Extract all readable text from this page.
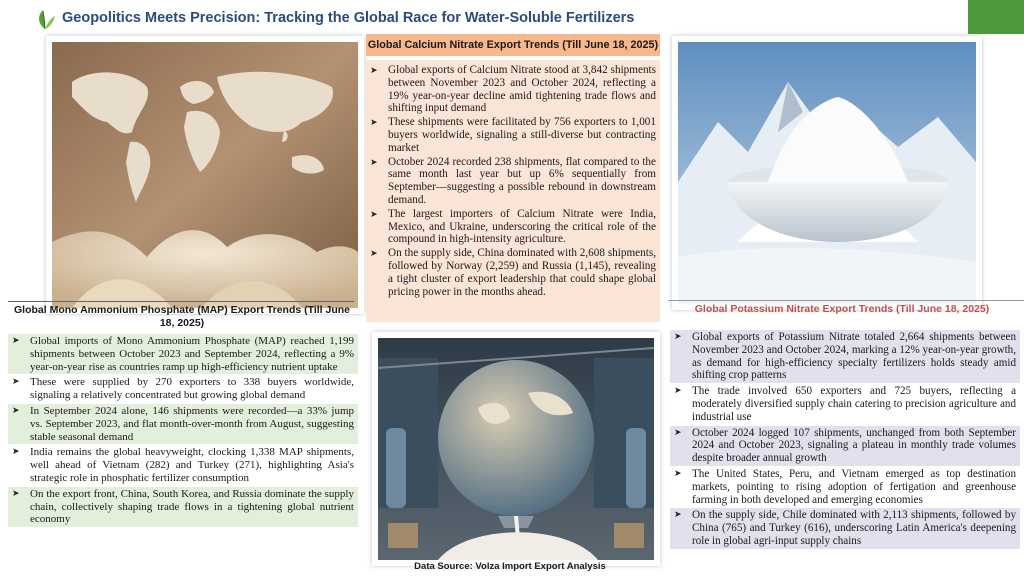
Geopolitics Meets Precision: Tracking the Global Race for Water-Soluble Fertilizers
Global Calcium Nitrate Export Trends (Till June 18, 2025)
➤ Global exports of Calcium Nitrate stood at 3,842 shipments between November 2023 and October 2024, reflecting a 19% year-on-year decline amid tightening trade flows and shifting input demand
➤ These shipments were facilitated by 756 exporters to 1,001 buyers worldwide, signaling a still-diverse but contracting market
➤ October 2024 recorded 238 shipments, flat compared to the same month last year but up 6% sequentially from September—suggesting a possible rebound in downstream demand.
➤ The largest importers of Calcium Nitrate were India, Mexico, and Ukraine, underscoring the critical role of the compound in high-intensity agriculture.
➤ On the supply side, China dominated with 2,608 shipments, followed by Norway (2,259) and Russia (1,145), revealing a tight cluster of export leadership that could shape global pricing power in the months ahead.
Global Mono Ammonium Phosphate (MAP) Export Trends (Till June 18, 2025)
➤ Global imports of Mono Ammonium Phosphate (MAP) reached 1,199 shipments between October 2023 and September 2024, reflecting a 9% year-on-year rise as countries ramp up high-efficiency nutrient uptake
➤ These were supplied by 270 exporters to 338 buyers worldwide, signaling a relatively concentrated but growing global demand
➤ In September 2024 alone, 146 shipments were recorded—a 33% jump vs. September 2023, and flat month-over-month from August, suggesting stable seasonal demand
➤ India remains the global heavyweight, clocking 1,338 MAP shipments, well ahead of Vietnam (282) and Turkey (271), highlighting Asia's strategic role in phosphatic fertilizer consumption
➤ On the export front, China, South Korea, and Russia dominate the supply chain, collectively shaping trade flows in a tightening global nutrient economy
Data Source: Volza Import Export Analysis
Global Potassium Nitrate Export Trends (Till June 18, 2025)
➤ Global exports of Potassium Nitrate totaled 2,664 shipments between November 2023 and October 2024, marking a 12% year-on-year growth, as demand for high-efficiency specialty fertilizers holds steady amid shifting crop patterns
➤ The trade involved 650 exporters and 725 buyers, reflecting a moderately diversified supply chain catering to precision agriculture and industrial use
➤ October 2024 logged 107 shipments, unchanged from both September 2024 and October 2023, signaling a plateau in monthly trade volumes despite broader annual growth
➤ The United States, Peru, and Vietnam emerged as top destination markets, pointing to rising adoption of fertigation and greenhouse farming in both developed and emerging economies
➤ On the supply side, Chile dominated with 2,113 shipments, followed by China (765) and Turkey (616), underscoring Latin America's deepening role in global agri-input supply chains
